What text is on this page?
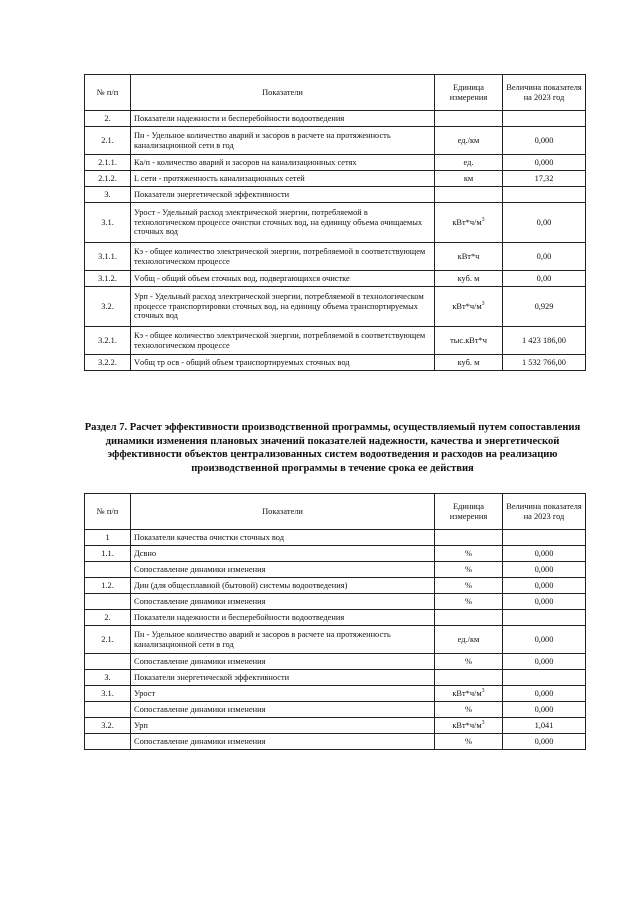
№ п/п	Показатели	Единица измерения	Величина показателя на 2023 год
2.	Показатели надежности и бесперебойности водоотведения		
2.1.	Пн - Удельное количество аварий и засоров в расчете на протяженность канализационной сети в год	ед./км	0,000
2.1.1.	Ка/п - количество аварий и засоров на канализационных сетях	ед.	0,000
2.1.2.	L сети - протяженность канализационных сетей	км	17,32
3.	Показатели энергетической эффективности		
3.1.	Урост - Удельный расход электрической энергии, потребляемой в технологическом процессе очистки сточных вод, на единицу объема очищаемых сточных вод	$кВт*ч/м^3$	0,00
3.1.1.	Кэ - общее количество электрической энергии, потребляемой в соответствующем технологическом процессе	кВт*ч	0,00
3.1.2.	Vобщ - общий объем сточных вод, подвергающихся очистке	куб. м	0,00
3.2.	Урп - Удельный расход электрической энергии, потребляемой в технологическом процессе транспортировки сточных вод, на единицу объема транспортируемых сточных вод	$кВт*ч/м^3$	0,929
3.2.1.	Кэ - общее количество электрической энергии, потребляемой в соответствующем технологическом процессе	тыс.кВт*ч	1 423 186,00
3.2.2.	Vобщ тр осв - общий объем транспортируемых сточных вод	куб. м	1 532 766,00
Раздел 7. Расчет эффективности производственной программы, осуществляемый путем сопоставления динамики изменения плановых значений показателей надежности, качества и энергетической эффективности объектов централизованных систем водоотведения и расходов на реализацию производственной программы в течение срока ее действия
№ п/п	Показатели	Единица измерения	Величина показателя на 2023 год
1	Показатели качества очистки сточных вод		
1.1.	Дсвно	%	0,000
	Сопоставление динамики изменения	%	0,000
1.2.	Дин (для общесплавной (бытовой) системы водоотведения)	%	0,000
	Сопоставление динамики изменения	%	0,000
2.	Показатели надежности и бесперебойности водоотведения		
2.1.	Пн - Удельное количество аварий и засоров в расчете на протяженность канализационной сети в год	ед./км	0,000
	Сопоставление динамики изменения	%	0,000
3.	Показатели энергетической эффективности		
3.1.	Урост	$кВт*ч/м^3$	0,000
	Сопоставление динамики изменения	%	0,000
3.2.	Урп	$кВт*ч/м^3$	1,041
	Сопоставление динамики изменения	%	0,000
